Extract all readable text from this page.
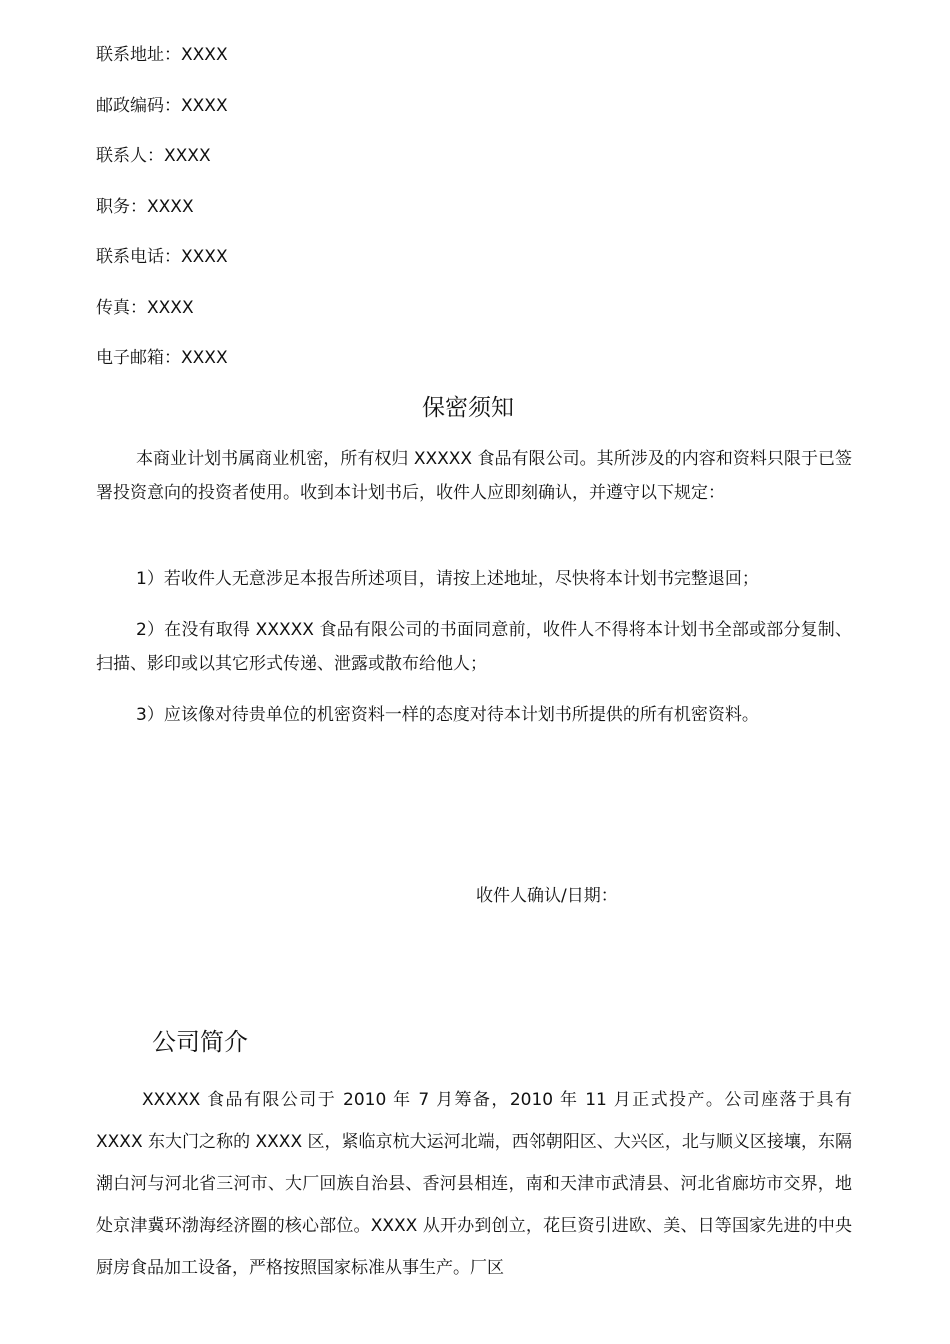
联系地址：XXXX
邮政编码：XXXX
联系人：XXXX
职务：XXXX
联系电话：XXXX
传真：XXXX
电子邮箱：XXXX
保密须知
本商业计划书属商业机密，所有权归 XXXXX 食品有限公司。其所涉及的内容和资料只限于已签署投资意向的投资者使用。收到本计划书后，收件人应即刻确认，并遵守以下规定：
1）若收件人无意涉足本报告所述项目，请按上述地址，尽快将本计划书完整退回；
2）在没有取得 XXXXX 食品有限公司的书面同意前，收件人不得将本计划书全部或部分复制、扫描、影印或以其它形式传递、泄露或散布给他人；
3）应该像对待贵单位的机密资料一样的态度对待本计划书所提供的所有机密资料。
收件人确认/日期：
公司简介
XXXXX 食品有限公司于 2010 年 7 月筹备，2010 年 11 月正式投产。公司座落于具有 XXXX 东大门之称的 XXXX 区，紧临京杭大运河北端，西邻朝阳区、大兴区，北与顺义区接壤，东隔潮白河与河北省三河市、大厂回族自治县、香河县相连，南和天津市武清县、河北省廊坊市交界，地处京津冀环渤海经济圈的核心部位。XXXX 从开办到创立，花巨资引进欧、美、日等国家先进的中央厨房食品加工设备，严格按照国家标准从事生产。厂区
